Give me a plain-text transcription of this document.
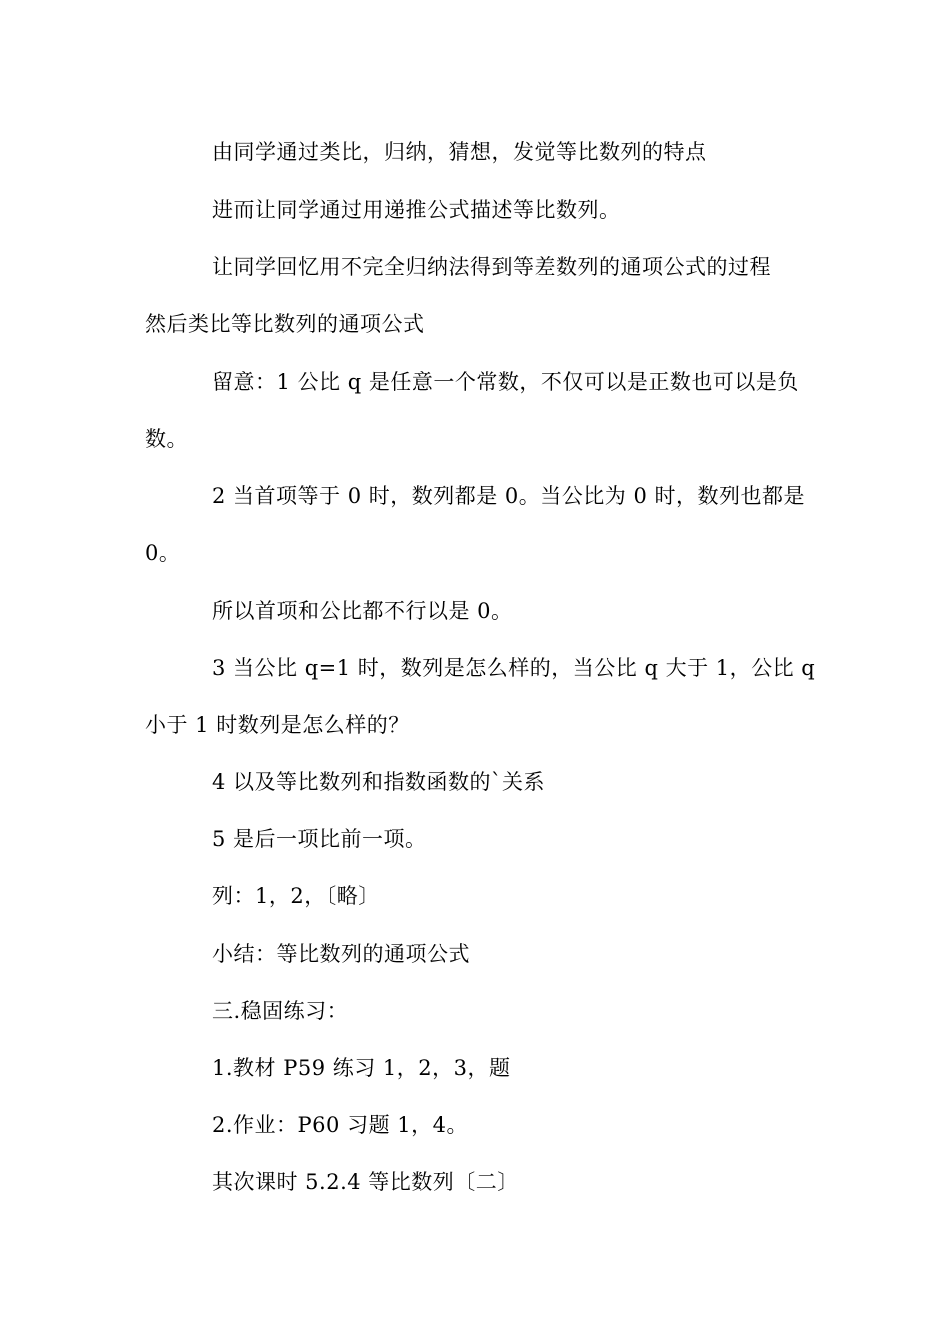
由同学通过类比，归纳，猜想，发觉等比数列的特点
进而让同学通过用递推公式描述等比数列。
让同学回忆用不完全归纳法得到等差数列的通项公式的过程
然后类比等比数列的通项公式
留意：1 公比 q 是任意一个常数，不仅可以是正数也可以是负
数。
2 当首项等于 0 时，数列都是 0。当公比为 0 时，数列也都是
0。
所以首项和公比都不行以是 0。
3 当公比 q=1 时，数列是怎么样的，当公比 q 大于 1，公比 q
小于 1 时数列是怎么样的？
4 以及等比数列和指数函数的`关系
5 是后一项比前一项。
列：1，2，〔略〕
小结：等比数列的通项公式
三.稳固练习：
1.教材 P59 练习 1，2，3，题
2.作业：P60 习题 1，4。
其次课时 5.2.4 等比数列〔二〕
